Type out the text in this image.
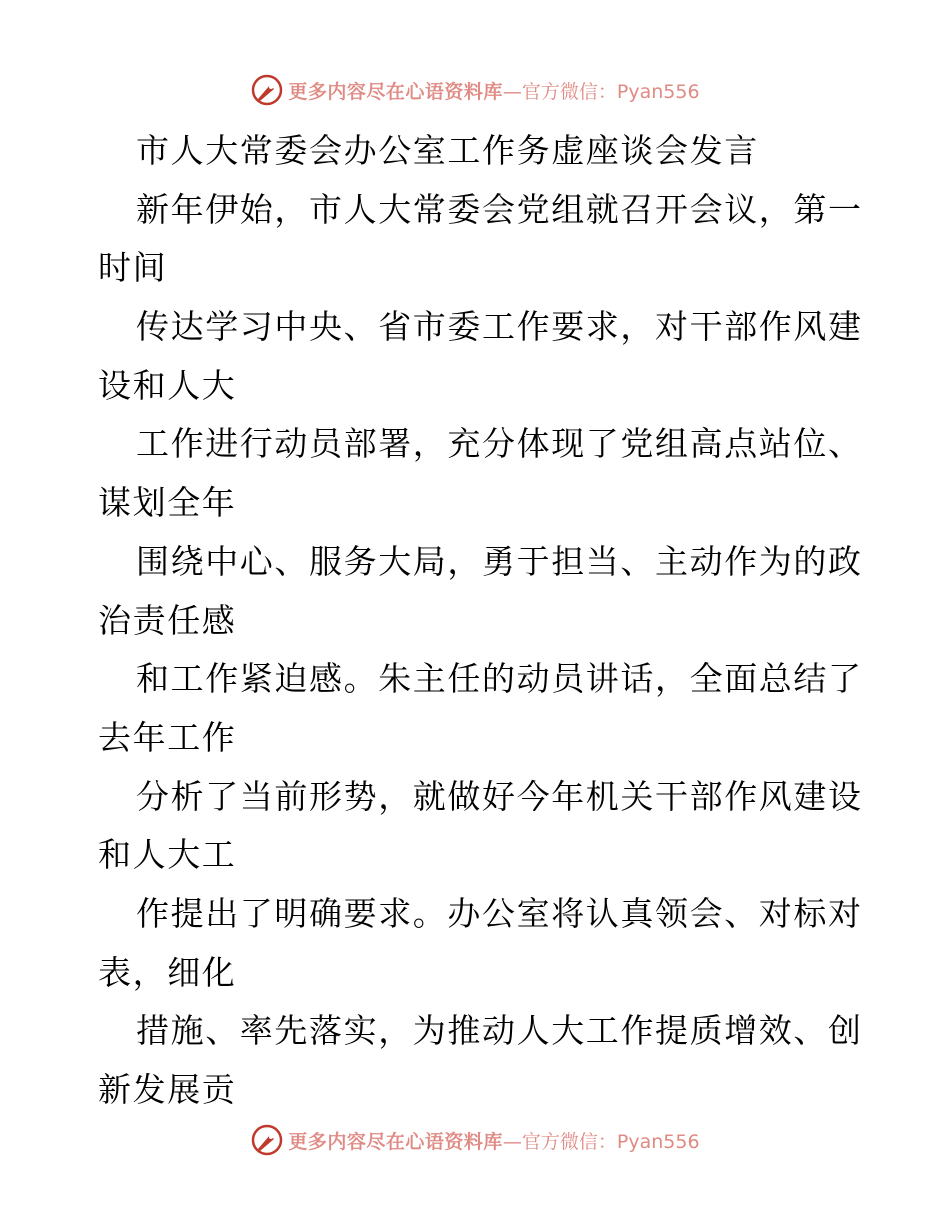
更多内容尽在心语资料库 —官方微信：Pyan556
市人大常委会办公室工作务虚座谈会发言
新年伊始，市人大常委会党组就召开会议，第一
时间
传达学习中央、省市委工作要求，对干部作风建
设和人大
工作进行动员部署，充分体现了党组高点站位、
谋划全年
围绕中心、服务大局，勇于担当、主动作为的政
治责任感
和工作紧迫感。朱主任的动员讲话，全面总结了
去年工作
分析了当前形势，就做好今年机关干部作风建设
和人大工
作提出了明确要求。办公室将认真领会、对标对
表，细化
措施、率先落实，为推动人大工作提质增效、创
新发展贡
更多内容尽在心语资料库 —官方微信：Pyan556
